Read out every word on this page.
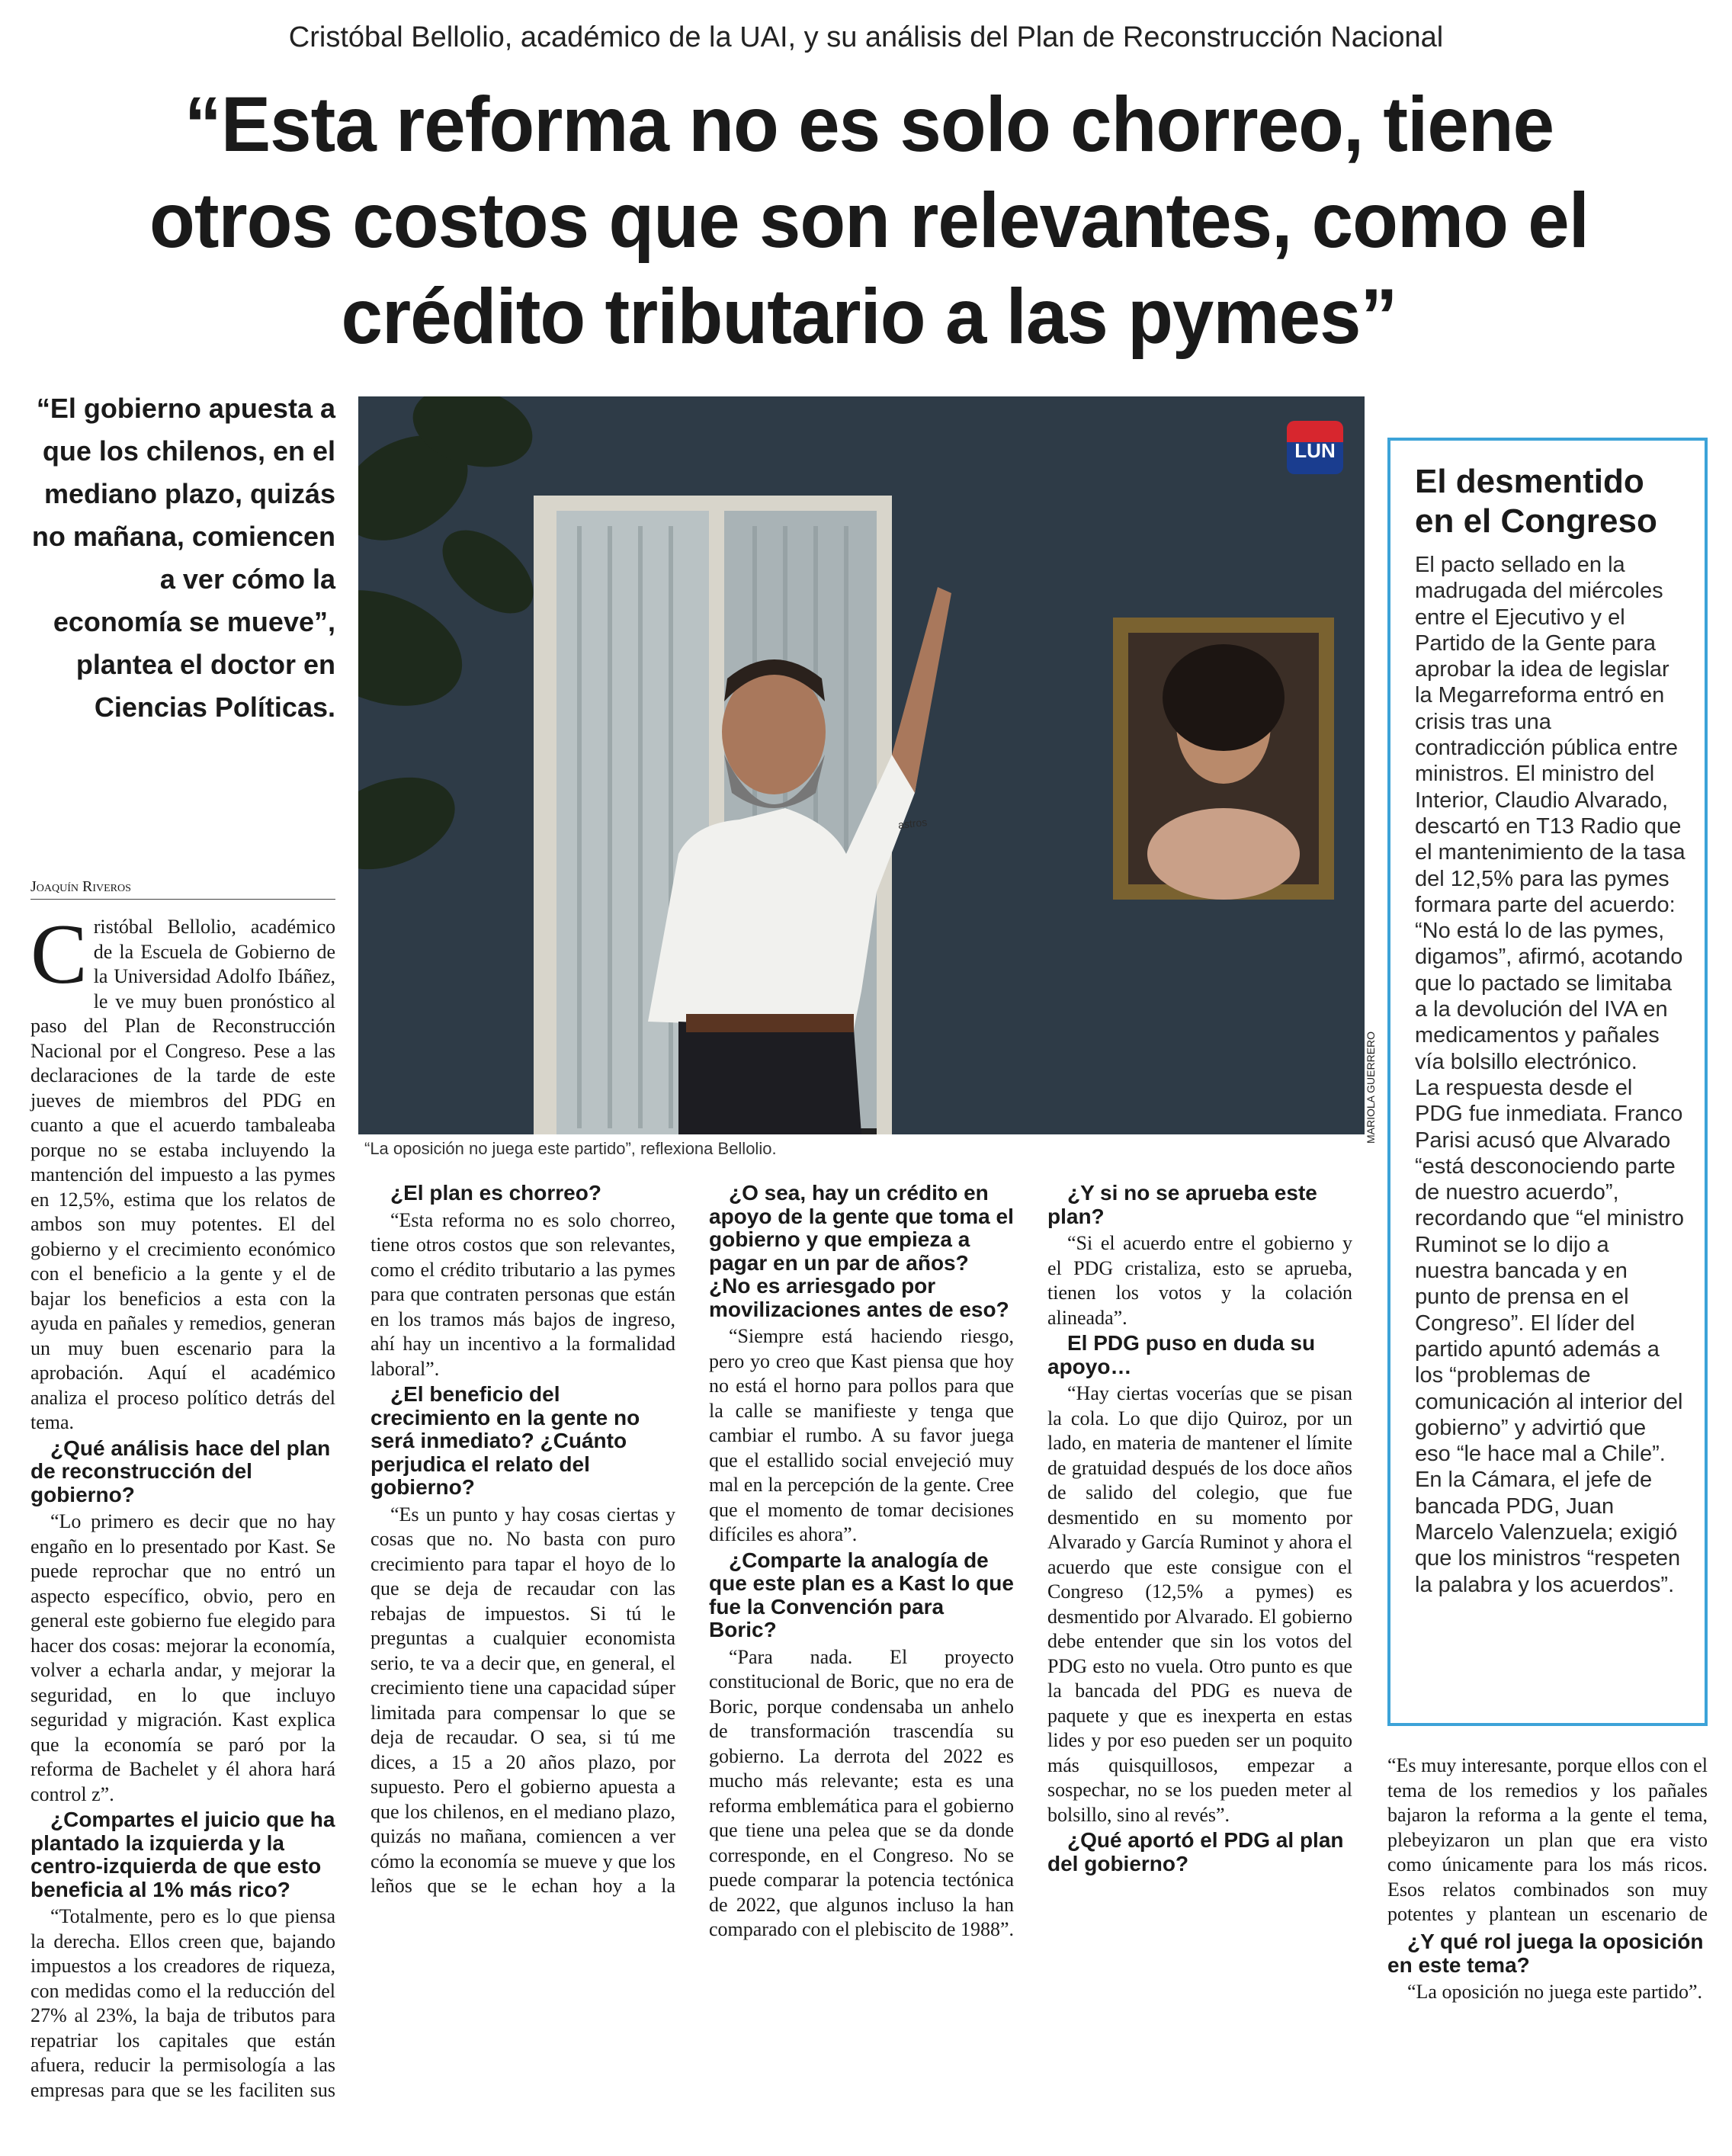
Cristóbal Bellolio, académico de la UAI, y su análisis del Plan de Reconstrucción Nacional
“Esta reforma no es solo chorreo, tiene otros costos que son relevantes, como el crédito tributario a las pymes”
“El gobierno apuesta a que los chilenos, en el mediano plazo, quizás no mañana, comiencen a ver cómo la economía se mueve”, plantea el doctor en Ciencias Políticas.
Joaquín Riveros
LUN
astros
MARIOLA GUERRERO
“La oposición no juega este partido”, reflexiona Bellolio.
C ristóbal Bellolio, académico de la Escuela de Gobierno de la Universidad Adolfo Ibáñez, le ve muy buen pronóstico al paso del Plan de Reconstrucción Nacional por el Congreso. Pese a las declaraciones de la tarde de este jueves de miembros del PDG en cuanto a que el acuerdo tambaleaba porque no se estaba incluyendo la mantención del impuesto a las pymes en 12,5%, estima que los relatos de ambos son muy potentes. El del gobierno y el crecimiento económico con el beneficio a la gente y el de bajar los beneficios a esta con la ayuda en pañales y remedios, generan un muy buen escenario para la aprobación. Aquí el académico analiza el proceso político detrás del tema.

¿Qué análisis hace del plan de reconstrucción del gobierno?

“Lo primero es decir que no hay engaño en lo presentado por Kast. Se puede reprochar que no entró un aspecto específico, obvio, pero en general este gobierno fue elegido para hacer dos cosas: mejorar la economía, volver a echarla andar, y mejorar la seguridad, en lo que incluyo seguridad y migración. Kast explica que la economía se paró por la reforma de Bachelet y él ahora hará control z”.

¿Compartes el juicio que ha plantado la izquierda y la centro-izquierda de que esto beneficia al 1% más rico?

“Totalmente, pero es lo que piensa la derecha. Ellos creen que, bajando impuestos a los creadores de riqueza, con medidas como el la reducción del 27% al 23%, la baja de tributos para repatriar los capitales que están afuera, reducir la permisología a las empresas para que se les faciliten sus

¿El plan es chorreo?

“Esta reforma no es solo chorreo, tiene otros costos que son relevantes, como el crédito tributario a las pymes para que contraten personas que están en los tramos más bajos de ingreso, ahí hay un incentivo a la formalidad laboral”.

¿El beneficio del crecimiento en la gente no será inmediato? ¿Cuánto perjudica el relato del gobierno?

“Es un punto y hay cosas ciertas y cosas que no. No basta con puro crecimiento para tapar el hoyo de lo que se deja de recaudar con las rebajas de impuestos. Si tú le preguntas a cualquier economista serio, te va a decir que, en general, el crecimiento tiene una capacidad súper limitada para compensar lo que se deja de recaudar. O sea, si tú me dices, a 15 a 20 años plazo, por supuesto. Pero el gobierno apuesta a que los chilenos, en el mediano plazo, quizás no mañana, comiencen a ver cómo la economía se mueve y que los leños que se le echan hoy a la

¿O sea, hay un crédito en apoyo de la gente que toma el gobierno y que empieza a pagar en un par de años? ¿No es arriesgado por movilizaciones antes de eso?

“Siempre está haciendo riesgo, pero yo creo que Kast piensa que hoy no está el horno para pollos para que la calle se manifieste y tenga que cambiar el rumbo. A su favor juega que el estallido social envejeció muy mal en la percepción de la gente. Cree que el momento de tomar decisiones difíciles es ahora”.

¿Comparte la analogía de que este plan es a Kast lo que fue la Convención para Boric?

“Para nada. El proyecto constitucional de Boric, que no era de Boric, porque condensaba un anhelo de transformación trascendía su gobierno. La derrota del 2022 es mucho más relevante; esta es una reforma emblemática para el gobierno que tiene una pelea que se da donde corresponde, en el Congreso. No se puede comparar la potencia tectónica de 2022, que algunos incluso la han comparado con el plebiscito de 1988”.

¿Y si no se aprueba este plan?

“Si el acuerdo entre el gobierno y el PDG cristaliza, esto se aprueba, tienen los votos y la colación alineada”.

El PDG puso en duda su apoyo…

“Hay ciertas vocerías que se pisan la cola. Lo que dijo Quiroz, por un lado, en materia de mantener el límite de gratuidad después de los doce años de salido del colegio, que fue desmentido en su momento por Alvarado y García Ruminot y ahora el acuerdo que este consigue con el Congreso (12,5% a pymes) es desmentido por Alvarado. El gobierno debe entender que sin los votos del PDG esto no vuela. Otro punto es que la bancada del PDG es nueva de paquete y que es inexperta en estas lides y por eso pueden ser un poquito más quisquillosos, empezar a sospechar, no se los pueden meter al bolsillo, sino al revés”.

¿Qué aportó el PDG al plan del gobierno?

“Es muy interesante, porque ellos con el tema de los remedios y los pañales bajaron la reforma a la gente el tema, plebeyizaron un plan que era visto como únicamente para los más ricos. Esos relatos combinados son muy potentes y plantean un escenario de

¿Y qué rol juega la oposición en este tema?

“La oposición no juega este partido”.

El desmentido en el Congreso

El pacto sellado en la madrugada del miércoles entre el Ejecutivo y el Partido de la Gente para aprobar la idea de legislar la Megarreforma entró en crisis tras una contradicción pública entre ministros. El ministro del Interior, Claudio Alvarado, descartó en T13 Radio que el mantenimiento de la tasa del 12,5% para las pymes formara parte del acuerdo: “No está lo de las pymes, digamos”, afirmó, acotando que lo pactado se limitaba a la devolución del IVA en medicamentos y pañales vía bolsillo electrónico.

La respuesta desde el PDG fue inmediata. Franco Parisi acusó que Alvarado “está desconociendo parte de nuestro acuerdo”, recordando que “el ministro Ruminot se lo dijo a nuestra bancada y en punto de prensa en el Congreso”. El líder del partido apuntó además a los “problemas de comunicación al interior del gobierno” y advirtió que eso “le hace mal a Chile”.

En la Cámara, el jefe de bancada PDG, Juan Marcelo Valenzuela; exigió que los ministros “respeten la palabra y los acuerdos”.
